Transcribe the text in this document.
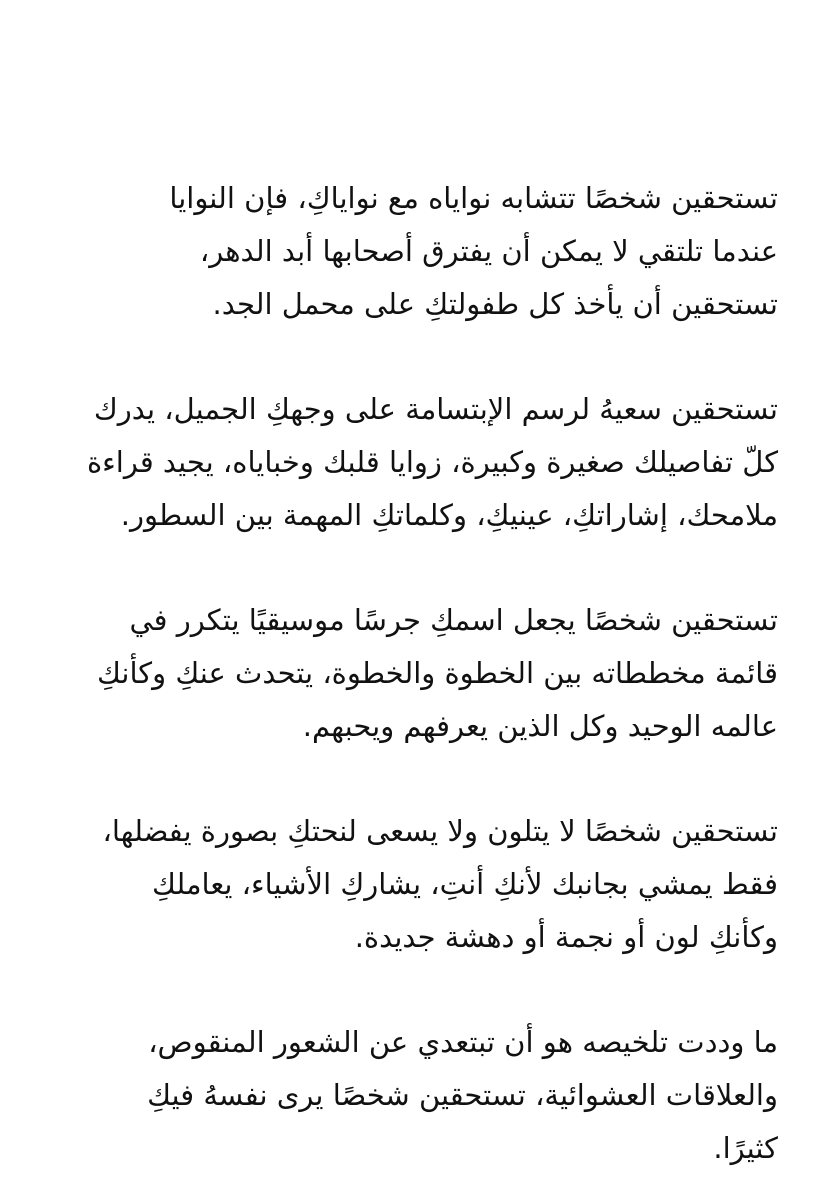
تستحقين شخصًا تتشابه نواياه مع نواياكِ، فإن النوايا
عندما تلتقي لا يمكن أن يفترق أصحابها أبد الدهر،
تستحقين أن يأخذ كل طفولتكِ على محمل الجد.

تستحقين سعيهُ لرسم الإبتسامة على وجهكِ الجميل، يدرك
كلّ تفاصيلك صغيرة وكبيرة، زوايا قلبك وخباياه، يجيد قراءة
ملامحك، إشاراتكِ، عينيكِ، وكلماتكِ المهمة بين السطور.

تستحقين شخصًا يجعل اسمكِ جرسًا موسيقيًا يتكرر في
قائمة مخططاته بين الخطوة والخطوة، يتحدث عنكِ وكأنكِ
عالمه الوحيد وكل الذين يعرفهم ويحبهم.

تستحقين شخصًا لا يتلون ولا يسعى لنحتكِ بصورة يفضلها،
فقط يمشي بجانبك لأنكِ أنتِ، يشاركِ الأشياء، يعاملكِ
وكأنكِ لون أو نجمة أو دهشة جديدة.

ما وددت تلخيصه هو أن تبتعدي عن الشعور المنقوص،
والعلاقات العشوائية، تستحقين شخصًا يرى نفسهُ فيكِ
كثيرًا.
